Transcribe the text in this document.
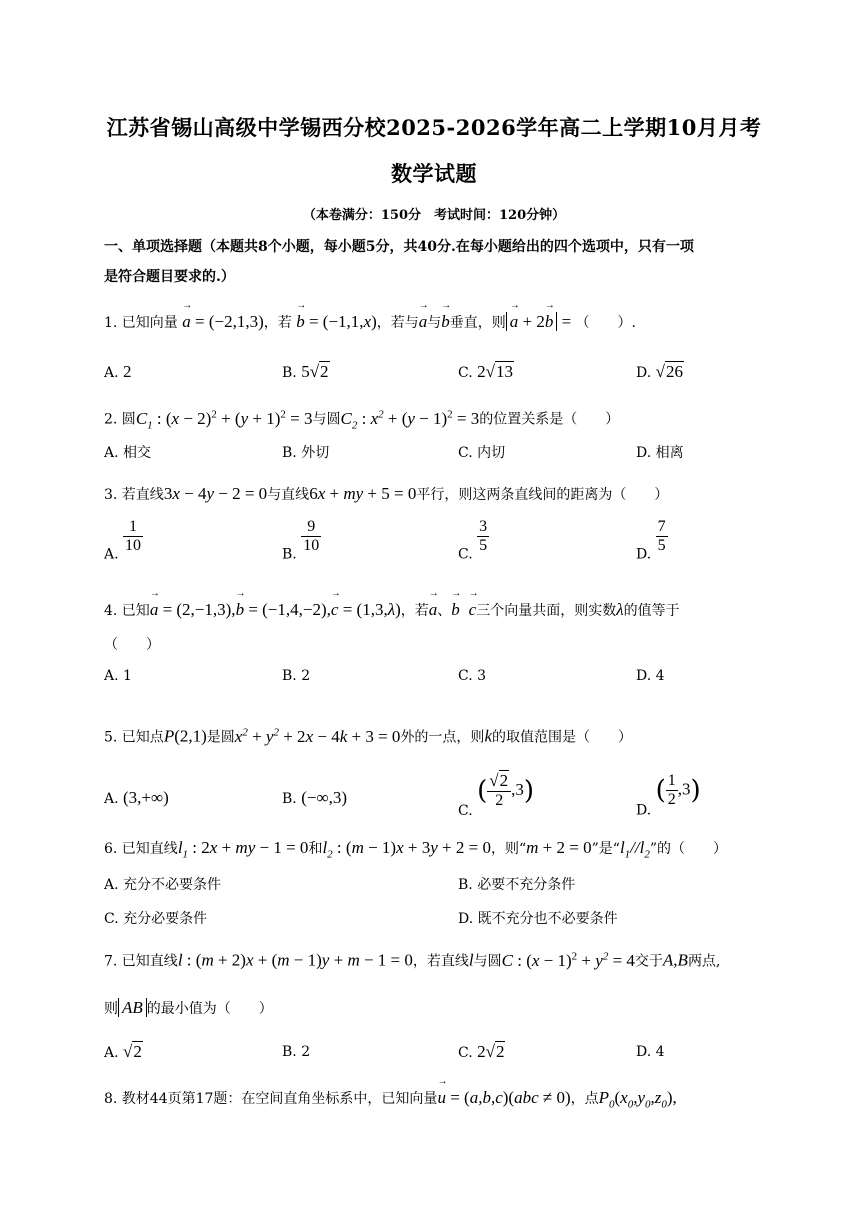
江苏省锡山高级中学锡西分校2025-2026学年高二上学期10月月考
数学试题
（本卷满分：150分　考试时间：120分钟）
一、单项选择题（本题共8个小题，每小题5分，共40分.在每小题给出的四个选项中，只有一项
是符合题目要求的.）
1. 已知向量 → a = (−2,1,3)，若 → b = (−1,1,x)，若与→ a与→ b垂直，则 → a + 2→ b = （　　）.
A. 2	B. 5√2	C. 2√13	D. √26
2. 圆$C_1$ : $(x - 2)^2 + (y + 1)^2 = 3$与圆$C_2$ : $x^2 + (y - 1)^2 = 3$的位置关系是（　　）
A. 相交	B. 外切	C. 内切	D. 相离
3. 若直线3x − 4y − 2 = 0与直线6x + my + 5 = 0平行，则这两条直线间的距离为（　　）
A. $\frac{1}{10}$	B. $\frac{9}{10}$	C. $\frac{3}{5}$	D. $\frac{7}{5}$
4. 已知→ a = (2,−1,3),→ b = (−1,4,−2),→ c = (1,3,λ)，若→ a、→ b → c三个向量共面，则实数λ的值等于
（　　）
A. 1	B. 2	C. 3	D. 4
5. 已知点P(2,1)是圆$x^2 + y^2 + 2x - 4k + 3 = 0$外的一点，则k的取值范围是（　　）
A. (3,+∞)	B. (−∞,3)
C. ( $\frac{√2}{2} ,3$)
D. ( $\frac{1}{2} ,3$)
6. 已知直线$l_1$ : 2x + my − 1 = 0和$l_2$ : (m − 1)x + 3y + 2 = 0，则“m + 2 = 0”是“$l_1//l_2$”的（　　）
A. 充分不必要条件	B. 必要不充分条件
C. 充分必要条件	D. 既不充分也不必要条件
7. 已知直线l : (m + 2)x + (m − 1)y + m − 1 = 0，若直线l与圆C : $(x - 1)^2 + y^2 = 4$交于A,B两点,
则 AB 的最小值为（　　）
A. √2	B. 2	C. 2√2	D. 4
8. 教材44页第17题：在空间直角坐标系中，已知向量→ u = (a,b,c)(abc ≠ 0)，点$P_0(x_0,y_0,z_0)$,
